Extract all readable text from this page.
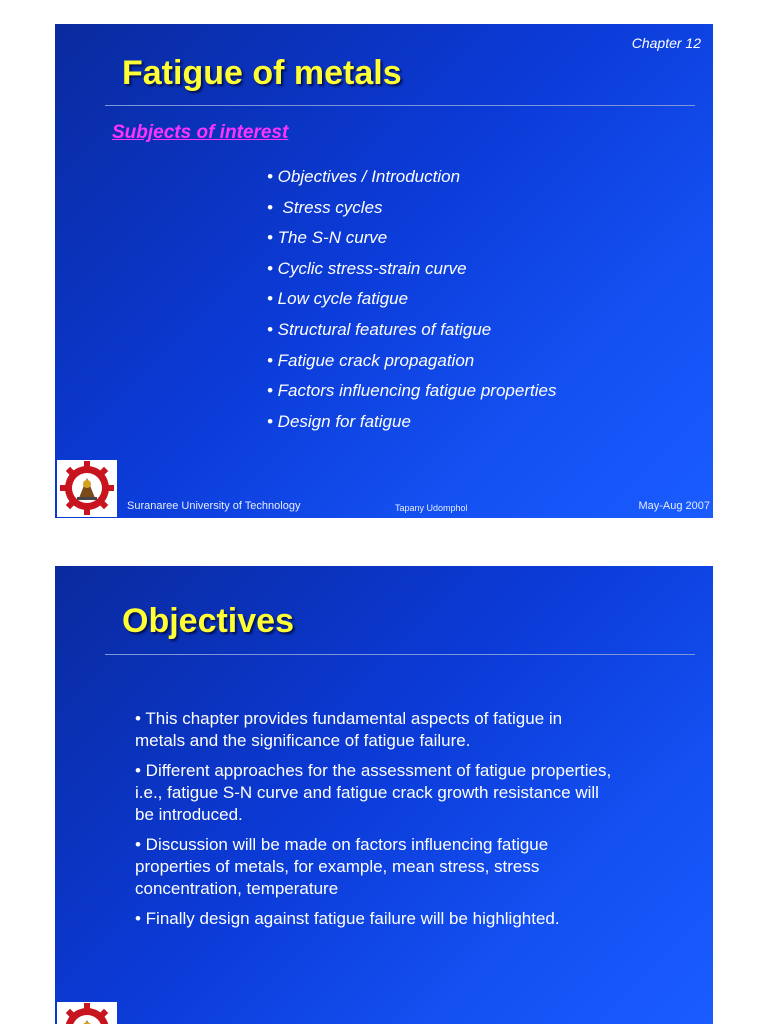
Chapter 12
Fatigue of metals
Subjects of interest
• Objectives / Introduction
•  Stress cycles
• The S-N curve
• Cyclic stress-strain curve
• Low cycle fatigue
• Structural features of fatigue
• Fatigue crack propagation
• Factors influencing fatigue properties
• Design for fatigue
Suranaree University of Technology	Tapany Udomphol	May-Aug 2007
Objectives
• This chapter provides fundamental aspects of fatigue in metals and the significance of fatigue failure.
• Different approaches for the assessment of fatigue properties, i.e., fatigue S-N curve and fatigue crack growth resistance will be introduced.
• Discussion will be made on factors influencing fatigue properties of metals, for example, mean stress, stress concentration, temperature
• Finally design against fatigue failure will be highlighted.
